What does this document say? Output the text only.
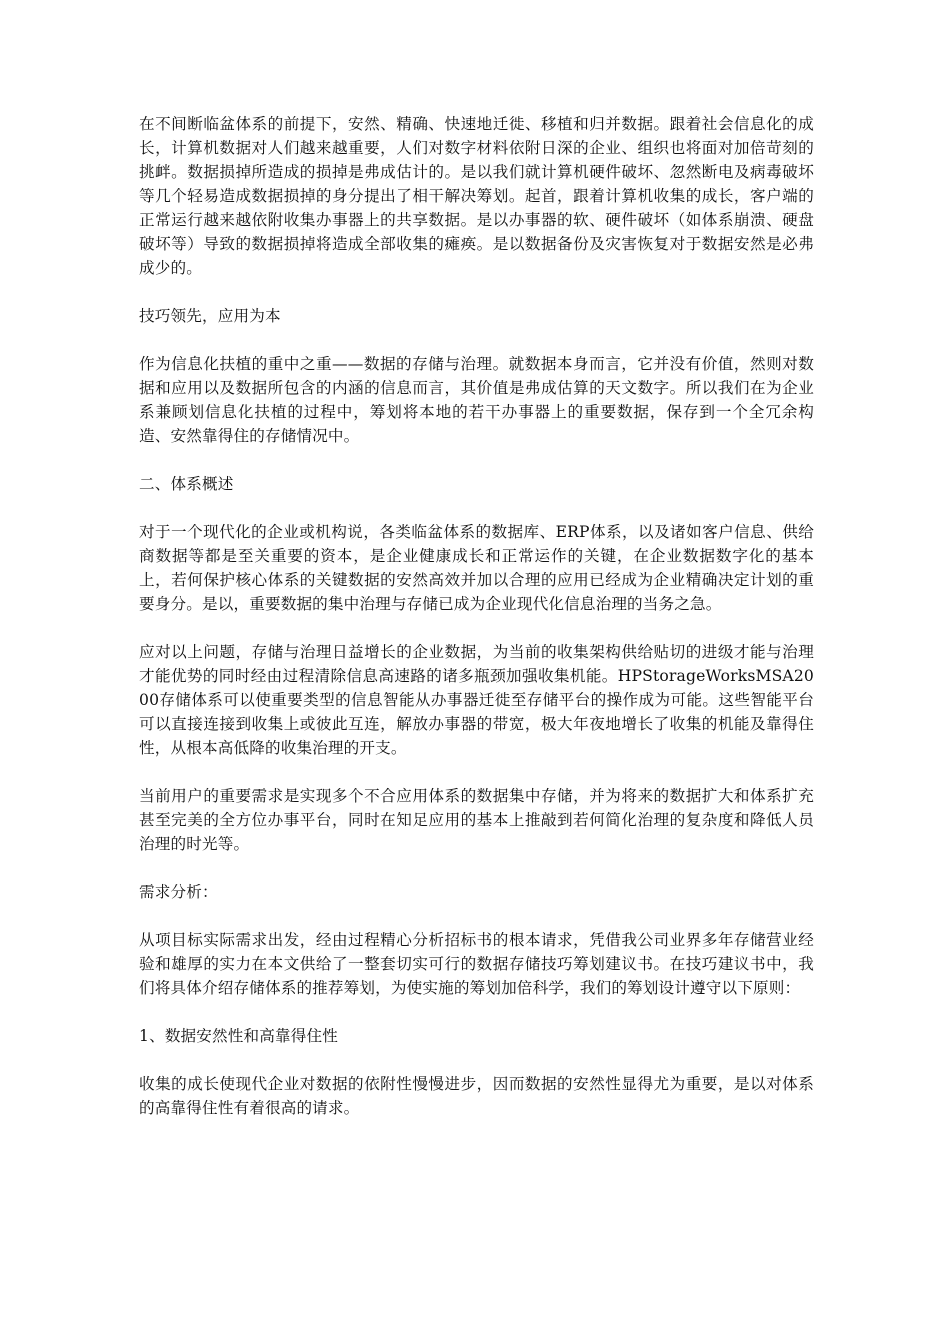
在不间断临盆体系的前提下，安然、精确、快速地迁徙、移植和归并数据。跟着社会信息化的成长，计算机数据对人们越来越重要，人们对数字材料依附日深的企业、组织也将面对加倍苛刻的挑衅。数据损掉所造成的损掉是弗成估计的。是以我们就计算机硬件破坏、忽然断电及病毒破坏等几个轻易造成数据损掉的身分提出了相干解决筹划。起首，跟着计算机收集的成长，客户端的正常运行越来越依附收集办事器上的共享数据。是以办事器的软、硬件破坏（如体系崩溃、硬盘破坏等）导致的数据损掉将造成全部收集的瘫痪。是以数据备份及灾害恢复对于数据安然是必弗成少的。

技巧领先，应用为本

作为信息化扶植的重中之重——数据的存储与治理。就数据本身而言，它并没有价值，然则对数据和应用以及数据所包含的内涵的信息而言，其价值是弗成估算的天文数字。所以我们在为企业系兼顾划信息化扶植的过程中，筹划将本地的若干办事器上的重要数据，保存到一个全冗余构造、安然靠得住的存储情况中。

二、体系概述

对于一个现代化的企业或机构说，各类临盆体系的数据库、ERP体系，以及诸如客户信息、供给商数据等都是至关重要的资本，是企业健康成长和正常运作的关键，在企业数据数字化的基本上，若何保护核心体系的关键数据的安然高效并加以合理的应用已经成为企业精确决定计划的重要身分。是以，重要数据的集中治理与存储已成为企业现代化信息治理的当务之急。

应对以上问题，存储与治理日益增长的企业数据，为当前的收集架构供给贴切的进级才能与治理才能优势的同时经由过程清除信息高速路的诸多瓶颈加强收集机能。HPStorageWorksMSA2000存储体系可以使重要类型的信息智能从办事器迁徙至存储平台的操作成为可能。这些智能平台可以直接连接到收集上或彼此互连，解放办事器的带宽，极大年夜地增长了收集的机能及靠得住性，从根本高低降的收集治理的开支。

当前用户的重要需求是实现多个不合应用体系的数据集中存储，并为将来的数据扩大和体系扩充甚至完美的全方位办事平台，同时在知足应用的基本上推敲到若何简化治理的复杂度和降低人员治理的时光等。

需求分析：

从项目标实际需求出发，经由过程精心分析招标书的根本请求，凭借我公司业界多年存储营业经验和雄厚的实力在本文供给了一整套切实可行的数据存储技巧筹划建议书。在技巧建议书中，我们将具体介绍存储体系的推荐筹划，为使实施的筹划加倍科学，我们的筹划设计遵守以下原则：

1、数据安然性和高靠得住性

收集的成长使现代企业对数据的依附性慢慢进步，因而数据的安然性显得尤为重要，是以对体系的高靠得住性有着很高的请求。
